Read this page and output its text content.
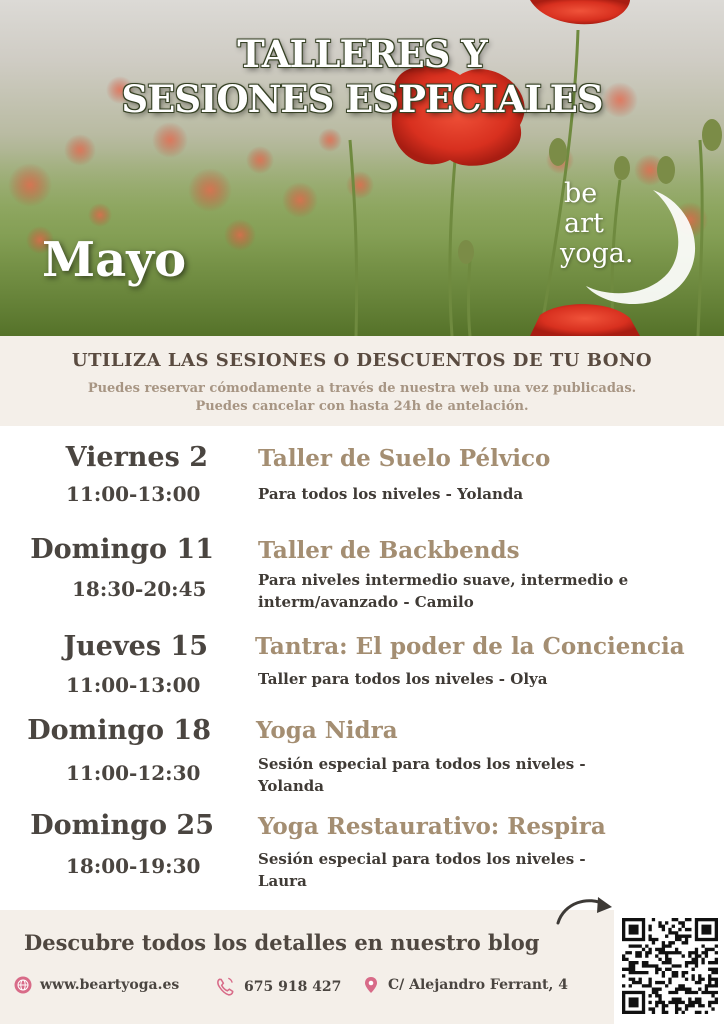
TALLERES Y
SESIONES ESPECIALES
Mayo
be
art
yoga.
UTILIZA LAS SESIONES O DESCUENTOS DE TU BONO
Puedes reservar cómodamente a través de nuestra web una vez publicadas.
Puedes cancelar con hasta 24h de antelación.
Viernes 2
11:00-13:00
Taller de Suelo Pélvico
Para todos los niveles - Yolanda
Domingo 11
18:30-20:45
Taller de Backbends
Para niveles intermedio suave, intermedio e interm/avanzado - Camilo
Jueves 15
11:00-13:00
Tantra: El poder de la Conciencia
Taller para todos los niveles - Olya
Domingo 18
11:00-12:30
Yoga Nidra
Sesión especial para todos los niveles - Yolanda
Domingo 25
18:00-19:30
Yoga Restaurativo: Respira
Sesión especial para todos los niveles - Laura
Descubre todos los detalles en nuestro blog
www.bearty​oga.es	675 918 427	C/ Alejandro Ferrant, 4
